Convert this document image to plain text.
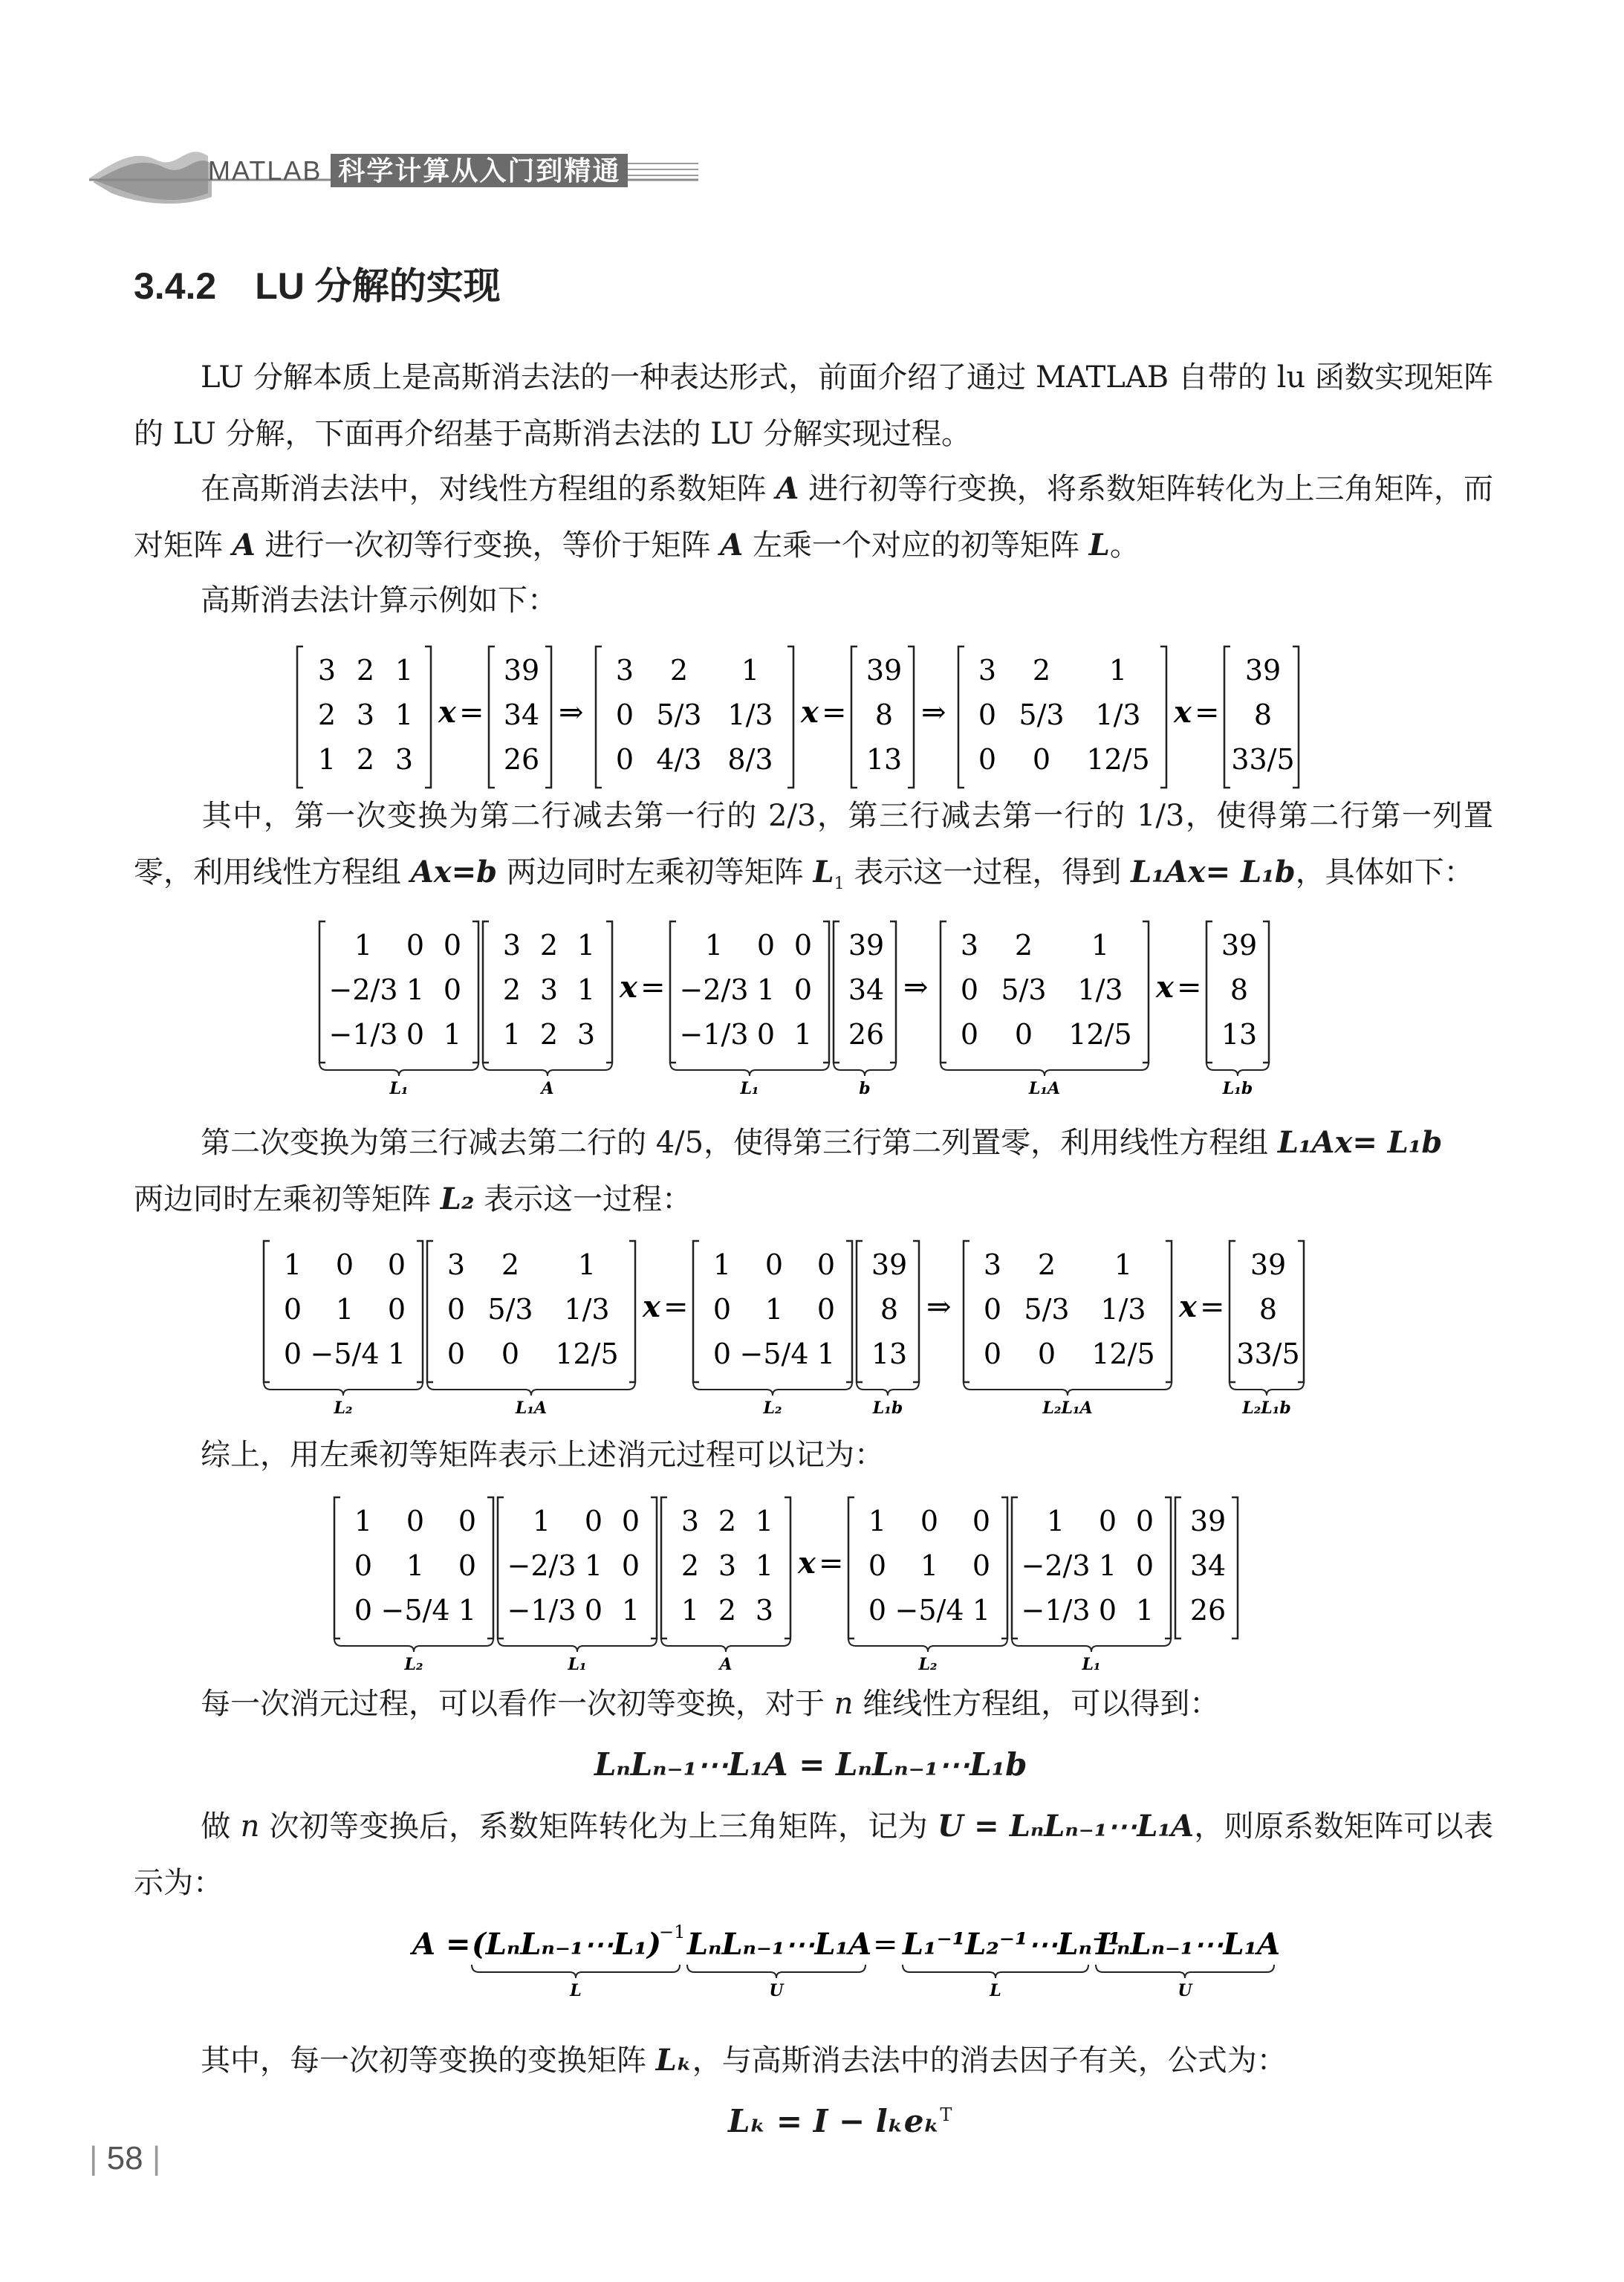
MATLAB 科学计算从入门到精通
3.4.2 LU 分解的实现
LU 分解本质上是高斯消去法的一种表达形式，前面介绍了通过 MATLAB 自带的 lu 函数实现矩阵的 LU 分解，下面再介绍基于高斯消去法的 LU 分解实现过程。
在高斯消去法中，对线性方程组的系数矩阵 A 进行初等行变换，将系数矩阵转化为上三角矩阵，而对矩阵 A 进行一次初等行变换，等价于矩阵 A 左乘一个对应的初等矩阵 L。
高斯消去法计算示例如下：
3 2 1
2 3 1
1 2 3
x =
39
34
26
⇒
3 2 1
0 5/3 1/3
0 4/3 8/3
x =
39
8
13
⇒
3 2 1
0 5/3 1/3
0 0 12/5
x =
39
8
33/5
其中，第一次变换为第二行减去第一行的 2/3，第三行减去第一行的 1/3，使得第二行第一列置零，利用线性方程组 Ax=b 两边同时左乘初等矩阵 $L_1$ 表示这一过程，得到 L₁Ax= L₁b，具体如下：
1 0 0
−2/3 1 0
−1/3 0 1
L₁
3 2 1
2 3 1
1 2 3
A
x =
1 0 0
−2/3 1 0
−1/3 0 1
L₁
39
34
26
b
⇒
3 2 1
0 5/3 1/3
0 0 12/5
L₁A
x =
39
8
13
L₁b
第二次变换为第三行减去第二行的 4/5，使得第三行第二列置零，利用线性方程组 L₁Ax= L₁b
两边同时左乘初等矩阵 L₂ 表示这一过程：
1 0 0
0 1 0
0 −5/4 1
L₂
3 2 1
0 5/3 1/3
0 0 12/5
L₁A
x =
1 0 0
0 1 0
0 −5/4 1
L₂
39
8
13
L₁b
⇒
3 2 1
0 5/3 1/3
0 0 12/5
L₂L₁A
x =
39
8
33/5
L₂L₁b
综上，用左乘初等矩阵表示上述消元过程可以记为：
1 0 0
0 1 0
0 −5/4 1
L₂
1 0 0
−2/3 1 0
−1/3 0 1
L₁
3 2 1
2 3 1
1 2 3
A
x =
1 0 0
0 1 0
0 −5/4 1
L₂
1 0 0
−2/3 1 0
−1/3 0 1
L₁
39
34
26
每一次消元过程，可以看作一次初等变换，对于 n 维线性方程组，可以得到：
LₙLₙ₋₁⋯L₁A = LₙLₙ₋₁⋯L₁b
做 n 次初等变换后，系数矩阵转化为上三角矩阵，记为 U = LₙLₙ₋₁⋯L₁A，则原系数矩阵可以表示为：
A = (LₙLₙ₋₁⋯L₁)
−1
L
LₙLₙ₋₁⋯L₁A
U
= L₁⁻¹L₂⁻¹⋯Lₙ⁻¹
L
LₙLₙ₋₁⋯L₁A
U
其中，每一次初等变换的变换矩阵 Lₖ，与高斯消去法中的消去因子有关，公式为：
Lₖ = I − lₖeₖ$^T$
| 58 |
